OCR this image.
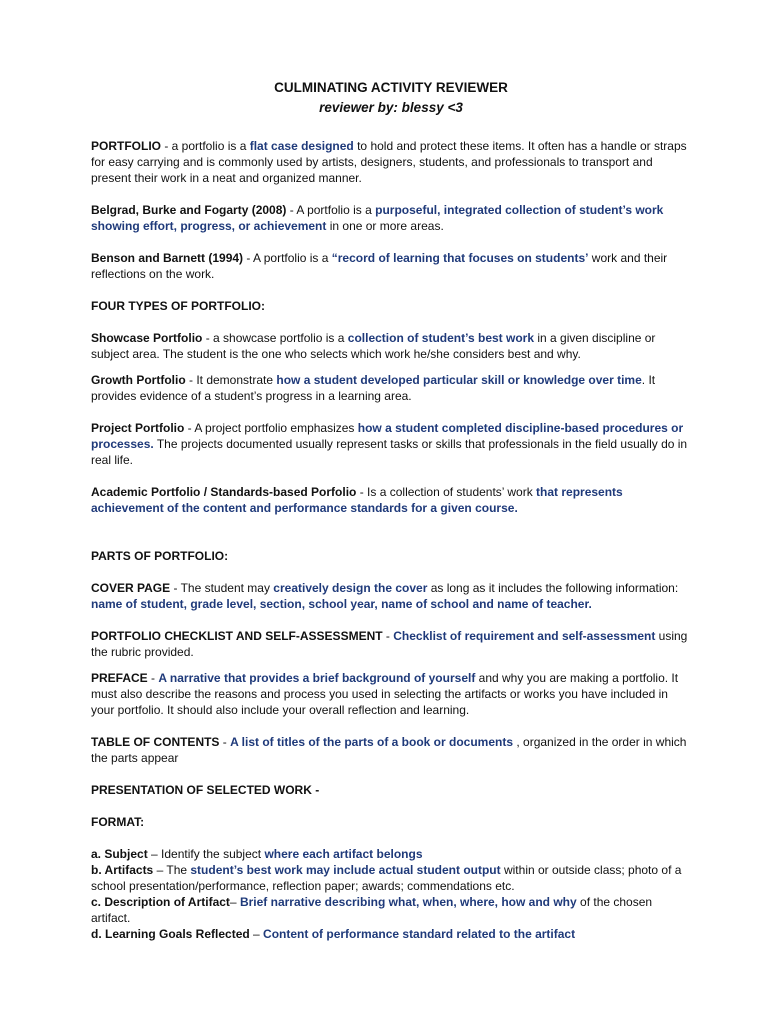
CULMINATING ACTIVITY REVIEWER
reviewer by: blessy <3

PORTFOLIO - a portfolio is a flat case designed to hold and protect these items. It often has a handle or straps for easy carrying and is commonly used by artists, designers, students, and professionals to transport and present their work in a neat and organized manner.

Belgrad, Burke and Fogarty (2008) - A portfolio is a purposeful, integrated collection of student’s work showing effort, progress, or achievement in one or more areas.

Benson and Barnett (1994) - A portfolio is a “record of learning that focuses on students’ work and their reflections on the work.

FOUR TYPES OF PORTFOLIO:

Showcase Portfolio - a showcase portfolio is a collection of student’s best work in a given discipline or subject area. The student is the one who selects which work he/she considers best and why.

Growth Portfolio - It demonstrate how a student developed particular skill or knowledge over time. It provides evidence of a student’s progress in a learning area.

Project Portfolio - A project portfolio emphasizes how a student completed discipline-based procedures or processes. The projects documented usually represent tasks or skills that professionals in the field usually do in real life.

Academic Portfolio / Standards-based Porfolio - Is a collection of students’ work that represents achievement of the content and performance standards for a given course.

PARTS OF PORTFOLIO:

COVER PAGE - The student may creatively design the cover as long as it includes the following information: name of student, grade level, section, school year, name of school and name of teacher.

PORTFOLIO CHECKLIST AND SELF-ASSESSMENT - Checklist of requirement and self-assessment using the rubric provided.

PREFACE - A narrative that provides a brief background of yourself and why you are making a portfolio. It must also describe the reasons and process you used in selecting the artifacts or works you have included in your portfolio. It should also include your overall reflection and learning.

TABLE OF CONTENTS - A list of titles of the parts of a book or documents , organized in the order in which the parts appear

PRESENTATION OF SELECTED WORK -
FORMAT:

a. Subject – Identify the subject where each artifact belongs

b. Artifacts – The student’s best work may include actual student output within or outside class; photo of a school presentation/performance, reflection paper; awards; commendations etc.

c. Description of Artifact– Brief narrative describing what, when, where, how and why of the chosen artifact.

d. Learning Goals Reflected – Content of performance standard related to the artifact
